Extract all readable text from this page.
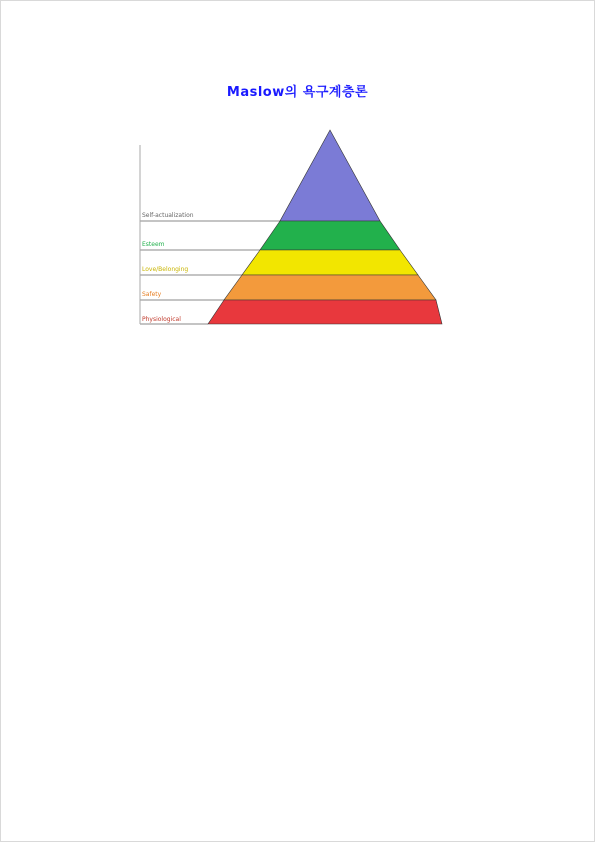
Maslow의 욕구계층론
Self-actualization
Esteem
Love/Belonging
Safety
Physiological
